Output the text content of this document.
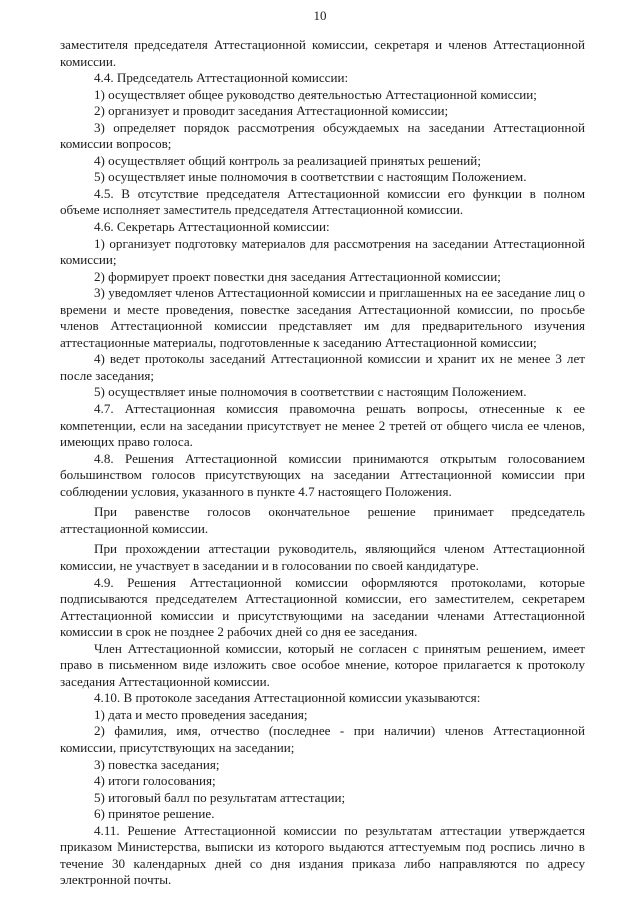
10

заместителя председателя Аттестационной комиссии, секретаря и членов Аттестационной комиссии.

4.4. Председатель Аттестационной комиссии:

1) осуществляет общее руководство деятельностью Аттестационной комиссии;

2) организует и проводит заседания Аттестационной комиссии;

3) определяет порядок рассмотрения обсуждаемых на заседании Аттестационной комиссии вопросов;

4) осуществляет общий контроль за реализацией принятых решений;

5) осуществляет иные полномочия в соответствии с настоящим Положением.

4.5. В отсутствие председателя Аттестационной комиссии его функции в полном объеме исполняет заместитель председателя Аттестационной комиссии.

4.6. Секретарь Аттестационной комиссии:

1) организует подготовку материалов для рассмотрения на заседании Аттестационной комиссии;

2) формирует проект повестки дня заседания Аттестационной комиссии;

3) уведомляет членов Аттестационной комиссии и приглашенных на ее заседание лиц о времени и месте проведения, повестке заседания Аттестационной комиссии, по просьбе членов Аттестационной комиссии представляет им для предварительного изучения аттестационные материалы, подготовленные к заседанию Аттестационной комиссии;

4) ведет протоколы заседаний Аттестационной комиссии и хранит их не менее 3 лет после заседания;

5) осуществляет иные полномочия в соответствии с настоящим Положением.

4.7. Аттестационная комиссия правомочна решать вопросы, отнесенные к ее компетенции, если на заседании присутствует не менее 2 третей от общего числа ее членов, имеющих право голоса.

4.8. Решения Аттестационной комиссии принимаются открытым голосованием большинством голосов присутствующих на заседании Аттестационной комиссии при соблюдении условия, указанного в пункте 4.7 настоящего Положения.

При равенстве голосов окончательное решение принимает председатель аттестационной комиссии.

При прохождении аттестации руководитель, являющийся членом Аттестационной комиссии, не участвует в заседании и в голосовании по своей кандидатуре.

4.9. Решения Аттестационной комиссии оформляются протоколами, которые подписываются председателем Аттестационной комиссии, его заместителем, секретарем Аттестационной комиссии и присутствующими на заседании членами Аттестационной комиссии в срок не позднее 2 рабочих дней со дня ее заседания.

Член Аттестационной комиссии, который не согласен с принятым решением, имеет право в письменном виде изложить свое особое мнение, которое прилагается к протоколу заседания Аттестационной комиссии.

4.10. В протоколе заседания Аттестационной комиссии указываются:

1) дата и место проведения заседания;

2) фамилия, имя, отчество (последнее - при наличии) членов Аттестационной комиссии, присутствующих на заседании;

3) повестка заседания;

4) итоги голосования;

5) итоговый балл по результатам аттестации;

6) принятое решение.

4.11. Решение Аттестационной комиссии по результатам аттестации утверждается приказом Министерства, выписки из которого выдаются аттестуемым под роспись лично в течение 30 календарных дней со дня издания приказа либо направляются по адресу электронной почты.
